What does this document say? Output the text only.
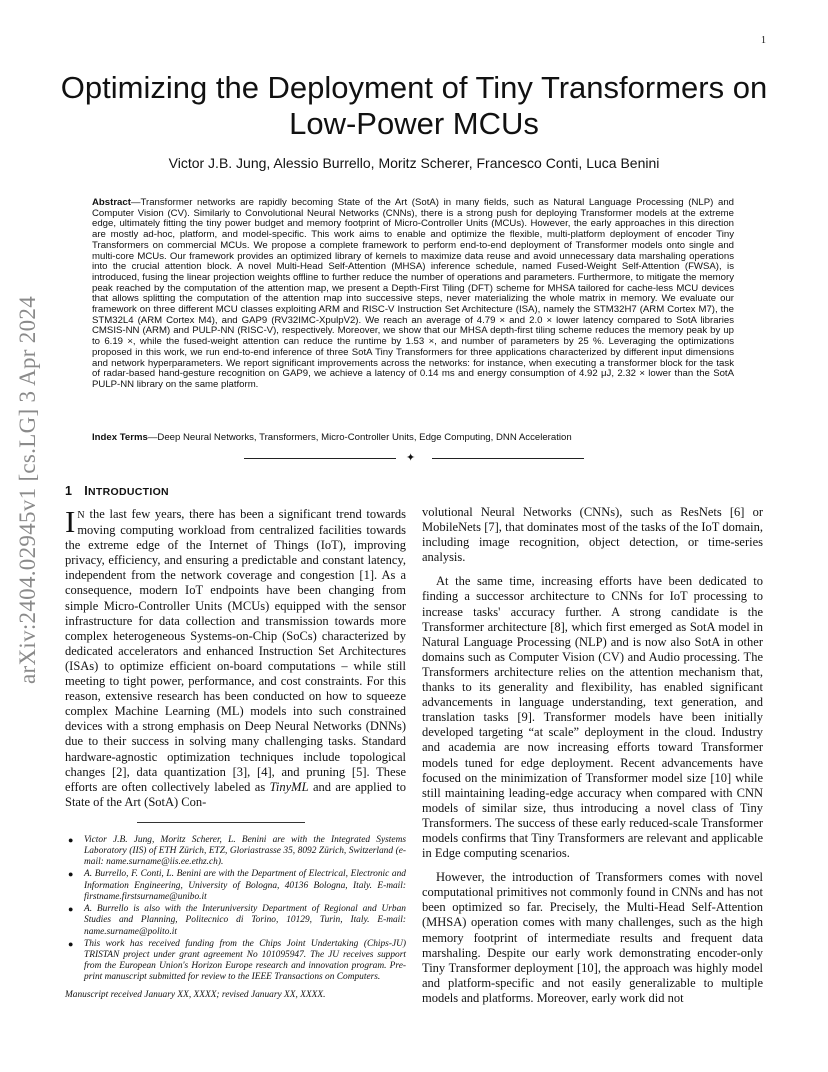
1
arXiv:2404.02945v1 [cs.LG] 3 Apr 2024
Optimizing the Deployment of Tiny Transformers on Low-Power MCUs
Victor J.B. Jung, Alessio Burrello, Moritz Scherer, Francesco Conti, Luca Benini

Abstract—Transformer networks are rapidly becoming State of the Art (SotA) in many fields, such as Natural Language Processing (NLP) and Computer Vision (CV). Similarly to Convolutional Neural Networks (CNNs), there is a strong push for deploying Transformer models at the extreme edge, ultimately fitting the tiny power budget and memory footprint of Micro-Controller Units (MCUs). However, the early approaches in this direction are mostly ad-hoc, platform, and model-specific. This work aims to enable and optimize the flexible, multi-platform deployment of encoder Tiny Transformers on commercial MCUs. We propose a complete framework to perform end-to-end deployment of Transformer models onto single and multi-core MCUs. Our framework provides an optimized library of kernels to maximize data reuse and avoid unnecessary data marshaling operations into the crucial attention block. A novel Multi-Head Self-Attention (MHSA) inference schedule, named Fused-Weight Self-Attention (FWSA), is introduced, fusing the linear projection weights offline to further reduce the number of operations and parameters. Furthermore, to mitigate the memory peak reached by the computation of the attention map, we present a Depth-First Tiling (DFT) scheme for MHSA tailored for cache-less MCU devices that allows splitting the computation of the attention map into successive steps, never materializing the whole matrix in memory. We evaluate our framework on three different MCU classes exploiting ARM and RISC-V Instruction Set Architecture (ISA), namely the STM32H7 (ARM Cortex M7), the STM32L4 (ARM Cortex M4), and GAP9 (RV32IMC-XpulpV2). We reach an average of 4.79 × and 2.0 × lower latency compared to SotA libraries CMSIS-NN (ARM) and PULP-NN (RISC-V), respectively. Moreover, we show that our MHSA depth-first tiling scheme reduces the memory peak by up to 6.19 ×, while the fused-weight attention can reduce the runtime by 1.53 ×, and number of parameters by 25 %. Leveraging the optimizations proposed in this work, we run end-to-end inference of three SotA Tiny Transformers for three applications characterized by different input dimensions and network hyperparameters. We report significant improvements across the networks: for instance, when executing a transformer block for the task of radar-based hand-gesture recognition on GAP9, we achieve a latency of 0.14 ms and energy consumption of 4.92 μJ, 2.32 × lower than the SotA PULP-NN library on the same platform.

Index Terms—Deep Neural Networks, Transformers, Micro-Controller Units, Edge Computing, DNN Acceleration

✦
1 INTRODUCTION

I N the last few years, there has been a significant trend towards moving computing workload from centralized facilities towards the extreme edge of the Internet of Things (IoT), improving privacy, efficiency, and ensuring a predictable and constant latency, independent from the network coverage and congestion [1]. As a consequence, modern IoT endpoints have been changing from simple Micro-Controller Units (MCUs) equipped with the sensor infrastructure for data collection and transmission towards more complex heterogeneous Systems-on-Chip (SoCs) characterized by dedicated accelerators and enhanced Instruction Set Architectures (ISAs) to optimize efficient on-board computations – while still meeting to tight power, performance, and cost constraints. For this reason, extensive research has been conducted on how to squeeze complex Machine Learning (ML) models into such constrained devices with a strong emphasis on Deep Neural Networks (DNNs) due to their success in solving many challenging tasks. Standard hardware-agnostic optimization techniques include topological changes [2], data quantization [3], [4], and pruning [5]. These efforts are often collectively labeled as TinyML and are applied to State of the Art (SotA) Con-

● Victor J.B. Jung, Moritz Scherer, L. Benini are with the Integrated Systems Laboratory (IIS) of ETH Zürich, ETZ, Gloriastrasse 35, 8092 Zürich, Switzerland (e-mail: name.surname@iis.ee.ethz.ch).
● A. Burrello, F. Conti, L. Benini are with the Department of Electrical, Electronic and Information Engineering, University of Bologna, 40136 Bologna, Italy. E-mail: firstname.firstsurname@unibo.it
● A. Burrello is also with the Interuniversity Department of Regional and Urban Studies and Planning, Politecnico di Torino, 10129, Turin, Italy. E-mail: name.surname@polito.it
● This work has received funding from the Chips Joint Undertaking (Chips-JU) TRISTAN project under grant agreement No 101095947. The JU receives support from the European Union's Horizon Europe research and innovation program. Pre-print manuscript submitted for review to the IEEE Transactions on Computers.

Manuscript received January XX, XXXX; revised January XX, XXXX.

volutional Neural Networks (CNNs), such as ResNets [6] or MobileNets [7], that dominates most of the tasks of the IoT domain, including image recognition, object detection, or time-series analysis.

At the same time, increasing efforts have been dedicated to finding a successor architecture to CNNs for IoT processing to increase tasks' accuracy further. A strong candidate is the Transformer architecture [8], which first emerged as SotA model in Natural Language Processing (NLP) and is now also SotA in other domains such as Computer Vision (CV) and Audio processing. The Transformers architecture relies on the attention mechanism that, thanks to its generality and flexibility, has enabled significant advancements in language understanding, text generation, and translation tasks [9]. Transformer models have been initially developed targeting “at scale” deployment in the cloud. Industry and academia are now increasing efforts toward Transformer models tuned for edge deployment. Recent advancements have focused on the minimization of Transformer model size [10] while still maintaining leading-edge accuracy when compared with CNN models of similar size, thus introducing a novel class of Tiny Transformers. The success of these early reduced-scale Transformer models confirms that Tiny Transformers are relevant and applicable in Edge computing scenarios.

However, the introduction of Transformers comes with novel computational primitives not commonly found in CNNs and has not been optimized so far. Precisely, the Multi-Head Self-Attention (MHSA) operation comes with many challenges, such as the high memory footprint of intermediate results and frequent data marshaling. Despite our early work demonstrating encoder-only Tiny Transformer deployment [10], the approach was highly model and platform-specific and not easily generalizable to multiple models and platforms. Moreover, early work did not
